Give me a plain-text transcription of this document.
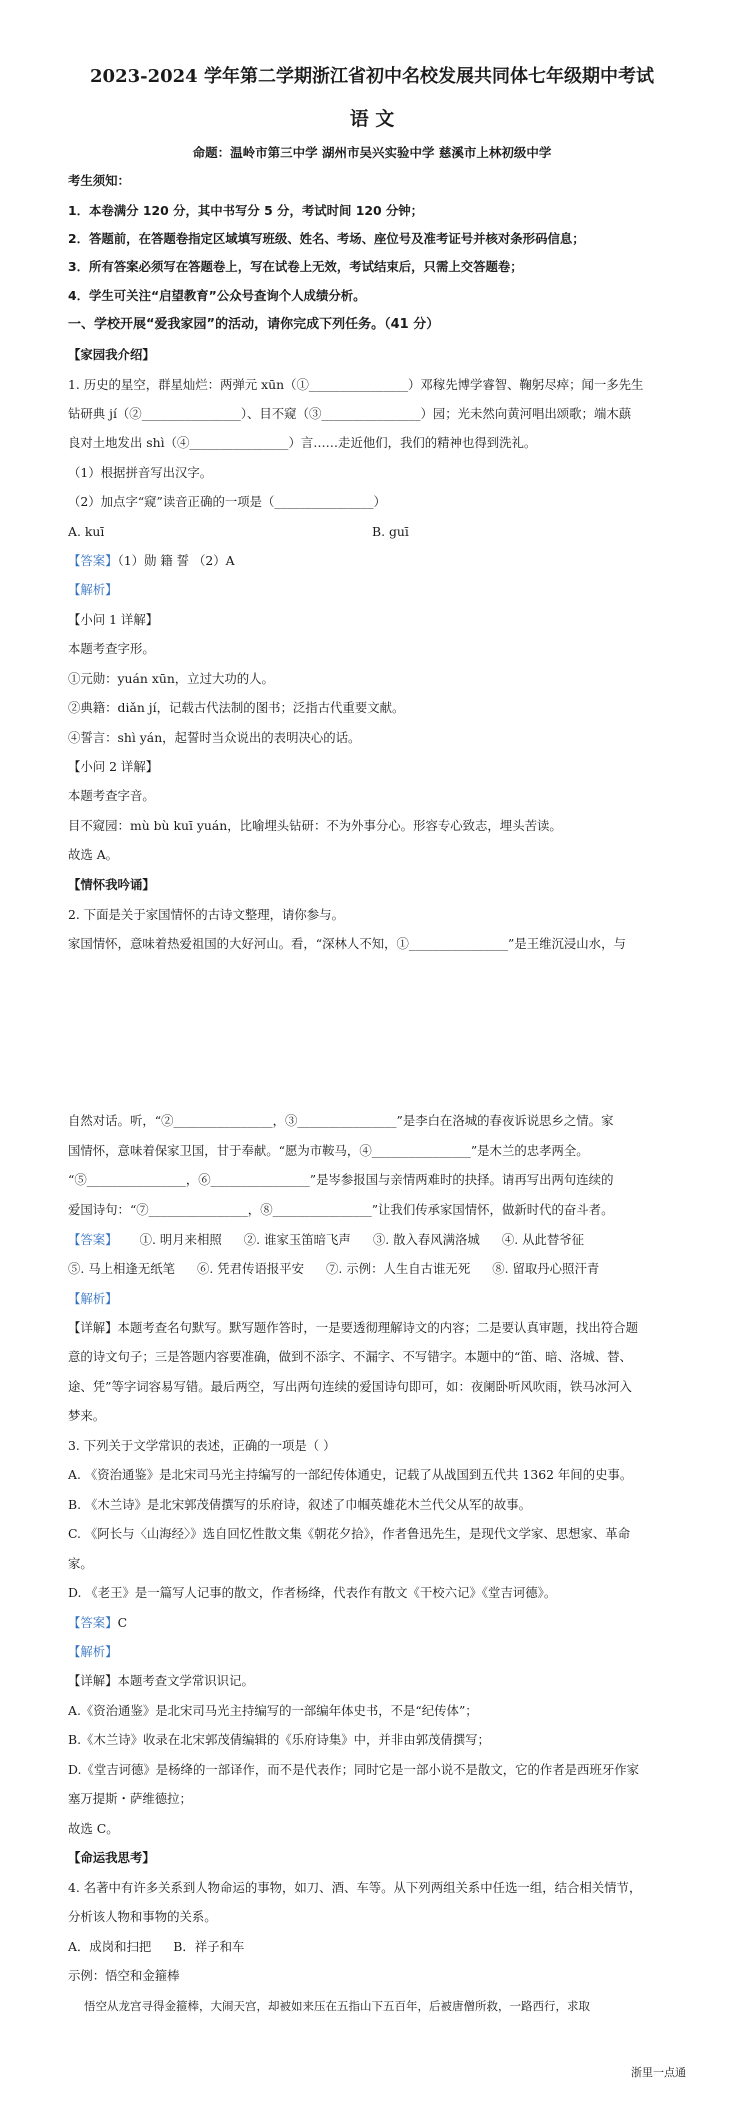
2023-2024 学年第二学期浙江省初中名校发展共同体七年级期中考试
语 文
命题：温岭市第三中学 湖州市吴兴实验中学 慈溪市上林初级中学
考生须知：
1．本卷满分 120 分，其中书写分 5 分，考试时间 120 分钟；
2．答题前，在答题卷指定区域填写班级、姓名、考场、座位号及准考证号并核对条形码信息；
3．所有答案必须写在答题卷上，写在试卷上无效，考试结束后，只需上交答题卷；
4．学生可关注“启望教育”公众号查询个人成绩分析。
一、学校开展“爱我家园”的活动，请你完成下列任务。（41 分）
【家园我介绍】
1. 历史的星空，群星灿烂：两弹元 xūn（①________________）邓稼先博学睿智、鞠躬尽瘁；闻一多先生
钻研典 jí（②________________）、目不窥（③________________）园；光未然向黄河唱出颂歌；端木蕻
良对土地发出 shì（④________________）言……走近他们，我们的精神也得到洗礼。
（1）根据拼音写出汉字。
（2）加点字“窥”读音正确的一项是（________________）
A. kuī	B. guī
【答案】（1）勋 籍 誓 （2）A
【解析】
【小问 1 详解】
本题考查字形。
①元勋：yuán xūn，立过大功的人。
②典籍：diǎn jí，记载古代法制的图书；泛指古代重要文献。
④誓言：shì yán，起誓时当众说出的表明决心的话。
【小问 2 详解】
本题考查字音。
目不窥园：mù bù kuī yuán，比喻埋头钻研：不为外事分心。形容专心致志，埋头苦读。
故选 A。
【情怀我吟诵】
2. 下面是关于家国情怀的古诗文整理，请你参与。
家国情怀，意味着热爱祖国的大好河山。看，“深林人不知，①________________”是王维沉浸山水，与
自然对话。听，“②________________，③________________”是李白在洛城的春夜诉说思乡之情。家
国情怀，意味着保家卫国，甘于奉献。“愿为市鞍马，④________________”是木兰的忠孝两全。
“⑤________________，⑥________________”是岑参报国与亲情两难时的抉择。请再写出两句连续的
爱国诗句：“⑦________________，⑧________________”让我们传承家国情怀，做新时代的奋斗者。
【答案】 ①. 明月来相照 ②. 谁家玉笛暗飞声 ③. 散入春风满洛城 ④. 从此替爷征
⑤. 马上相逢无纸笔 ⑥. 凭君传语报平安 ⑦. 示例：人生自古谁无死 ⑧. 留取丹心照汗青
【解析】
【详解】本题考查名句默写。默写题作答时，一是要透彻理解诗文的内容；二是要认真审题，找出符合题
意的诗文句子；三是答题内容要准确，做到不添字、不漏字、不写错字。本题中的“笛、暗、洛城、替、
途、凭”等字词容易写错。最后两空，写出两句连续的爱国诗句即可，如：夜阑卧听风吹雨，铁马冰河入
梦来。
3. 下列关于文学常识的表述，正确的一项是（ ）
A. 《资治通鉴》是北宋司马光主持编写的一部纪传体通史，记载了从战国到五代共 1362 年间的史事。
B. 《木兰诗》是北宋郭茂倩撰写的乐府诗，叙述了巾帼英雄花木兰代父从军的故事。
C. 《阿长与〈山海经〉》选自回忆性散文集《朝花夕拾》，作者鲁迅先生，是现代文学家、思想家、革命
家。
D. 《老王》是一篇写人记事的散文，作者杨绛，代表作有散文《干校六记》《堂吉诃德》。
【答案】C
【解析】
【详解】本题考查文学常识识记。
A.《资治通鉴》是北宋司马光主持编写的一部编年体史书，不是“纪传体”；
B.《木兰诗》收录在北宋郭茂倩编辑的《乐府诗集》中，并非由郭茂倩撰写；
D.《堂吉诃德》是杨绛的一部译作，而不是代表作；同时它是一部小说不是散文，它的作者是西班牙作家
塞万提斯・萨维德拉；
故选 C。
【命运我思考】
4. 名著中有许多关系到人物命运的事物，如刀、酒、车等。从下列两组关系中任选一组，结合相关情节，
分析该人物和事物的关系。
A．成岗和扫把 B．祥子和车
示例：悟空和金箍棒
悟空从龙宫寻得金箍棒，大闹天宫，却被如来压在五指山下五百年，后被唐僧所救，一路西行，求取
浙里一点通
